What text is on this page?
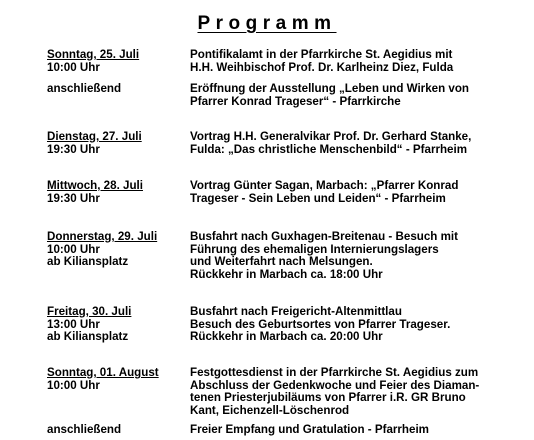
Programm
Sonntag, 25. Juli
10:00 Uhr
Pontifikalamt in der Pfarrkirche St. Aegidius mit
H.H. Weihbischof Prof. Dr. Karlheinz Diez, Fulda
anschließend	Eröffnung der Ausstellung „Leben und Wirken von
Pfarrer Konrad Trageser“ - Pfarrkirche
Dienstag, 27. Juli
19:30 Uhr
Vortrag H.H. Generalvikar Prof. Dr. Gerhard Stanke,
Fulda: „Das christliche Menschenbild“ - Pfarrheim
Mittwoch, 28. Juli
19:30 Uhr
Vortrag Günter Sagan, Marbach: „Pfarrer Konrad
Trageser - Sein Leben und Leiden“ - Pfarrheim
Donnerstag, 29. Juli
10:00 Uhr
ab Kiliansplatz
Busfahrt nach Guxhagen-Breitenau - Besuch mit
Führung des ehemaligen Internierungslagers
und Weiterfahrt nach Melsungen.
Rückkehr in Marbach ca. 18:00 Uhr
Freitag, 30. Juli
13:00 Uhr
ab Kiliansplatz
Busfahrt nach Freigericht-Altenmittlau
Besuch des Geburtsortes von Pfarrer Trageser.
Rückkehr in Marbach ca. 20:00 Uhr
Sonntag, 01. August
10:00 Uhr
Festgottesdienst in der Pfarrkirche St. Aegidius zum
Abschluss der Gedenkwoche und Feier des Diaman-
tenen Priesterjubiläums von Pfarrer i.R. GR Bruno
Kant, Eichenzell-Löschenrod
anschließend	Freier Empfang und Gratulation - Pfarrheim
